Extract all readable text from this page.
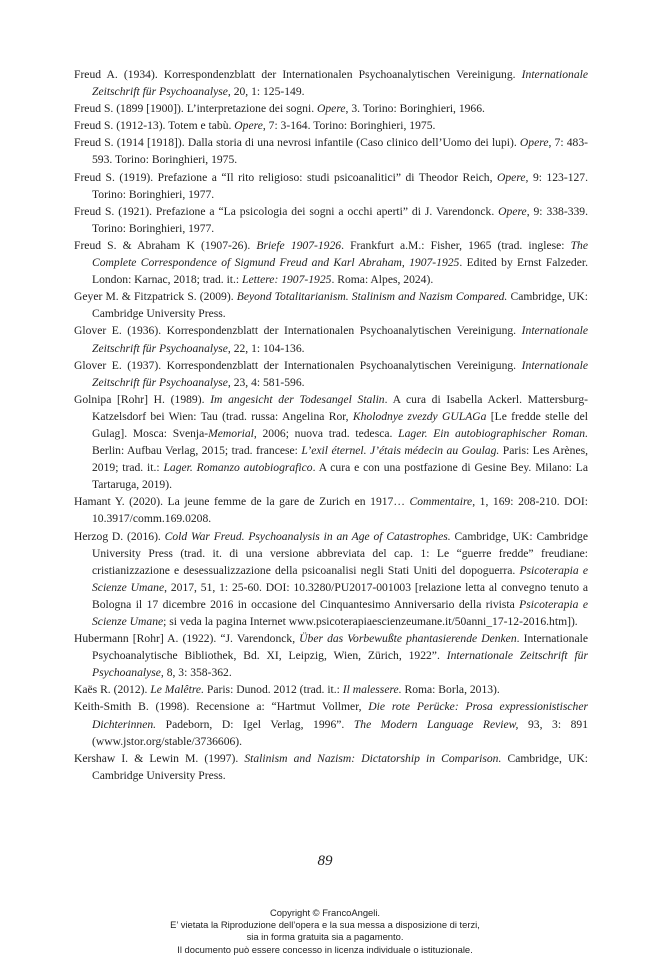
Freud A. (1934). Korrespondenzblatt der Internationalen Psychoanalytischen Vereinigung. Internationale Zeitschrift für Psychoanalyse, 20, 1: 125-149.

Freud S. (1899 [1900]). L’interpretazione dei sogni. Opere, 3. Torino: Boringhieri, 1966.

Freud S. (1912-13). Totem e tabù. Opere, 7: 3-164. Torino: Boringhieri, 1975.

Freud S. (1914 [1918]). Dalla storia di una nevrosi infantile (Caso clinico dell’Uomo dei lupi). Opere, 7: 483-593. Torino: Boringhieri, 1975.

Freud S. (1919). Prefazione a “Il rito religioso: studi psicoanalitici” di Theodor Reich, Opere, 9: 123-127. Torino: Boringhieri, 1977.

Freud S. (1921). Prefazione a “La psicologia dei sogni a occhi aperti” di J. Varendonck. Opere, 9: 338-339. Torino: Boringhieri, 1977.

Freud S. & Abraham K (1907-26). Briefe 1907-1926. Frankfurt a.M.: Fisher, 1965 (trad. inglese: The Complete Correspondence of Sigmund Freud and Karl Abraham, 1907-1925. Edited by Ernst Falzeder. London: Karnac, 2018; trad. it.: Lettere: 1907-1925. Roma: Alpes, 2024).

Geyer M. & Fitzpatrick S. (2009). Beyond Totalitarianism. Stalinism and Nazism Compared. Cambridge, UK: Cambridge University Press.

Glover E. (1936). Korrespondenzblatt der Internationalen Psychoanalytischen Vereinigung. Internationale Zeitschrift für Psychoanalyse, 22, 1: 104-136.

Glover E. (1937). Korrespondenzblatt der Internationalen Psychoanalytischen Vereinigung. Internationale Zeitschrift für Psychoanalyse, 23, 4: 581-596.

Golnipa [Rohr] H. (1989). Im angesicht der Todesangel Stalin. A cura di Isabella Ackerl. Mattersburg-Katzelsdorf bei Wien: Tau (trad. russa: Angelina Ror, Kholodnye zvezdy GULAGa [Le fredde stelle del Gulag]. Mosca: Svenja-Memorial, 2006; nuova trad. tedesca. Lager. Ein autobiographischer Roman. Berlin: Aufbau Verlag, 2015; trad. francese: L’exil éternel. J’étais médecin au Goulag. Paris: Les Arènes, 2019; trad. it.: Lager. Romanzo autobiografico. A cura e con una postfazione di Gesine Bey. Milano: La Tartaruga, 2019).

Hamant Y. (2020). La jeune femme de la gare de Zurich en 1917… Commentaire, 1, 169: 208-210. DOI: 10.3917/comm.169.0208.

Herzog D. (2016). Cold War Freud. Psychoanalysis in an Age of Catastrophes. Cambridge, UK: Cambridge University Press (trad. it. di una versione abbreviata del cap. 1: Le “guerre fredde” freudiane: cristianizzazione e desessualizzazione della psicoanalisi negli Stati Uniti del dopoguerra. Psicoterapia e Scienze Umane, 2017, 51, 1: 25-60. DOI: 10.3280/PU2017-001003 [relazione letta al convegno tenuto a Bologna il 17 dicembre 2016 in occasione del Cinquantesimo Anniversario della rivista Psicoterapia e Scienze Umane; si veda la pagina Internet www.psicoterapiaescienzeumane.it/50anni_17-12-2016.htm]).

Hubermann [Rohr] A. (1922). “J. Varendonck, Über das Vorbewußte phantasierende Denken. Internationale Psychoanalytische Bibliothek, Bd. XI, Leipzig, Wien, Zürich, 1922”. Internationale Zeitschrift für Psychoanalyse, 8, 3: 358-362.

Kaës R. (2012). Le Malêtre. Paris: Dunod. 2012 (trad. it.: Il malessere. Roma: Borla, 2013).

Keith-Smith B. (1998). Recensione a: “Hartmut Vollmer, Die rote Perücke: Prosa expressionistischer Dichterinnen. Padeborn, D: Igel Verlag, 1996”. The Modern Language Review, 93, 3: 891 (www.jstor.org/stable/3736606).

Kershaw I. & Lewin M. (1997). Stalinism and Nazism: Dictatorship in Comparison. Cambridge, UK: Cambridge University Press.

89
Copyright © FrancoAngeli.
E’ vietata la Riproduzione dell’opera e la sua messa a disposizione di terzi,
sia in forma gratuita sia a pagamento.
Il documento può essere concesso in licenza individuale o istituzionale.
